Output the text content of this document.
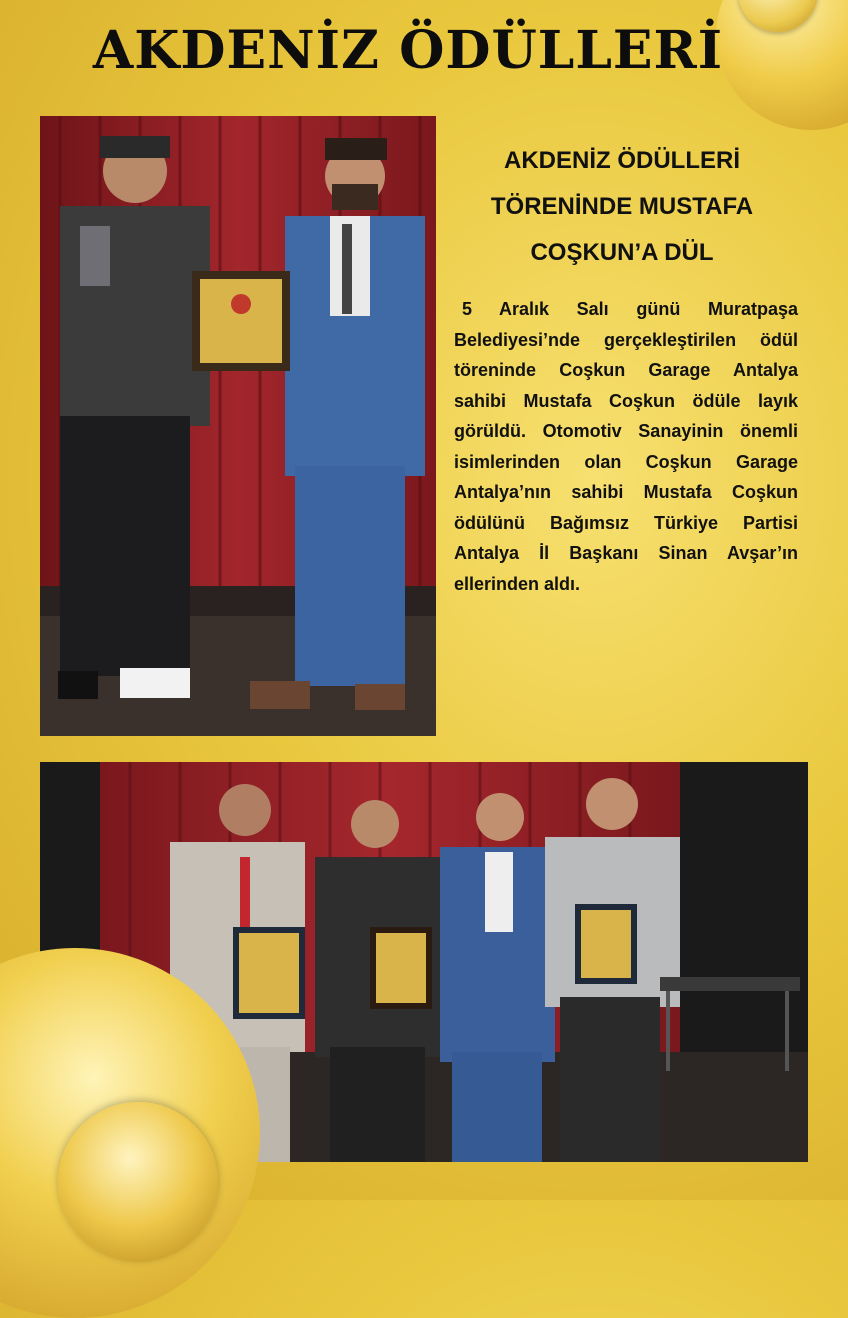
AKDENİZ ÖDÜLLERİ
AKDENİZ ÖDÜLLERİ TÖRENİNDE MUSTAFA COŞKUN’A DÜL

5 Aralık Salı günü Muratpaşa Belediyesi’nde gerçekleştirilen ödül töreninde Coşkun Garage Antalya sahibi Mustafa Coşkun ödüle layık görüldü. Otomotiv Sanayinin önemli isimlerinden olan Coşkun Garage Antalya’nın sahibi Mustafa Coşkun ödülünü Bağımsız Türkiye Partisi Antalya İl Başkanı Sinan Avşar’ın ellerinden aldı.
